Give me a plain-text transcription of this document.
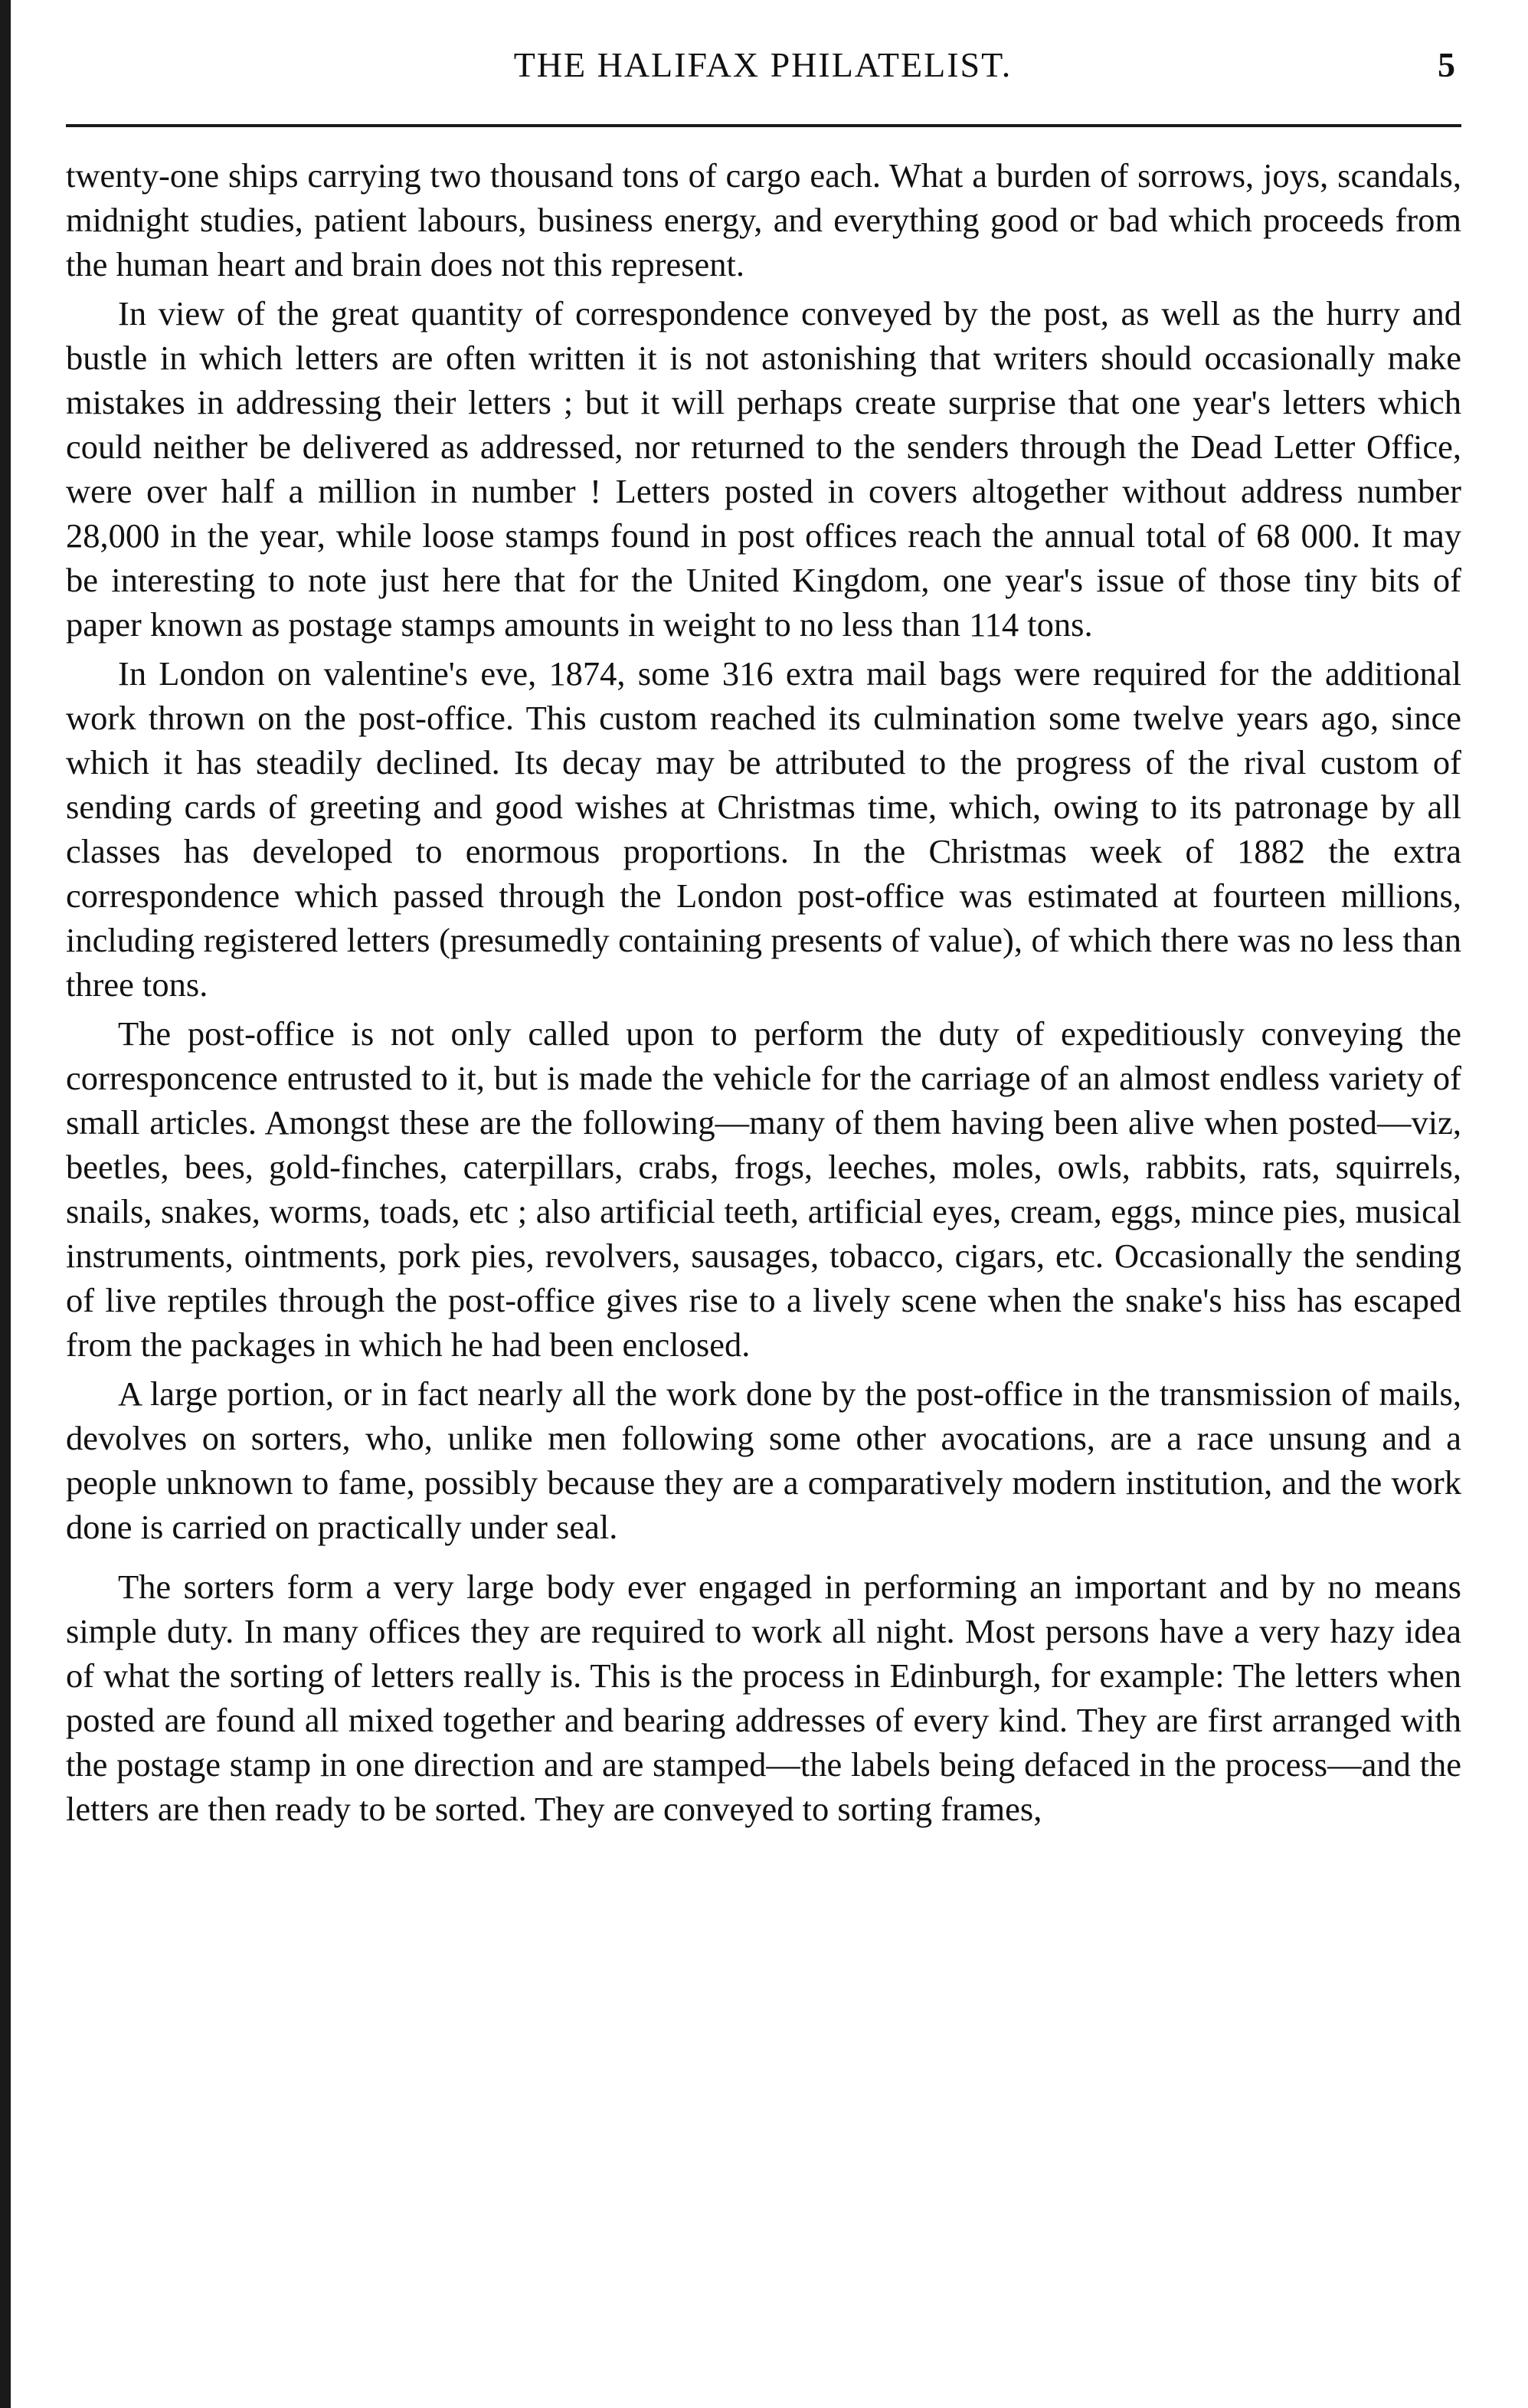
THE HALIFAX PHILATELIST.	5

twenty-one ships carrying two thousand tons of cargo each. What a burden of sorrows, joys, scandals, midnight studies, patient labours, business energy, and everything good or bad which proceeds from the human heart and brain does not this represent.

In view of the great quantity of correspondence conveyed by the post, as well as the hurry and bustle in which letters are often written it is not astonishing that writers should occasionally make mistakes in addressing their letters ; but it will perhaps create surprise that one year's letters which could neither be delivered as addressed, nor returned to the senders through the Dead Letter Office, were over half a million in number ! Letters posted in covers altogether without address number 28,000 in the year, while loose stamps found in post offices reach the annual total of 68 000. It may be interesting to note just here that for the United Kingdom, one year's issue of those tiny bits of paper known as postage stamps amounts in weight to no less than 114 tons.

In London on valentine's eve, 1874, some 316 extra mail bags were required for the additional work thrown on the post-office. This custom reached its culmination some twelve years ago, since which it has steadily declined. Its decay may be attributed to the progress of the rival custom of sending cards of greeting and good wishes at Christmas time, which, owing to its patronage by all classes has developed to enormous proportions. In the Christmas week of 1882 the extra correspondence which passed through the London post-office was estimated at fourteen millions, including registered letters (presumedly containing presents of value), of which there was no less than three tons.

The post-office is not only called upon to perform the duty of expeditiously conveying the corresponcence entrusted to it, but is made the vehicle for the carriage of an almost endless variety of small articles. Amongst these are the following—many of them having been alive when posted—viz, beetles, bees, gold-finches, caterpillars, crabs, frogs, leeches, moles, owls, rabbits, rats, squirrels, snails, snakes, worms, toads, etc ; also artificial teeth, artificial eyes, cream, eggs, mince pies, musical instruments, ointments, pork pies, revolvers, sausages, tobacco, cigars, etc. Occasionally the sending of live reptiles through the post-office gives rise to a lively scene when the snake's hiss has escaped from the packages in which he had been enclosed.

A large portion, or in fact nearly all the work done by the post-office in the transmission of mails, devolves on sorters, who, unlike men following some other avocations, are a race unsung and a people unknown to fame, possibly because they are a comparatively modern institution, and the work done is carried on practically under seal.

The sorters form a very large body ever engaged in performing an important and by no means simple duty. In many offices they are required to work all night. Most persons have a very hazy idea of what the sorting of letters really is. This is the process in Edinburgh, for example: The letters when posted are found all mixed together and bearing addresses of every kind. They are first arranged with the postage stamp in one direction and are stamped—the labels being defaced in the process—and the letters are then ready to be sorted. They are conveyed to sorting frames,
